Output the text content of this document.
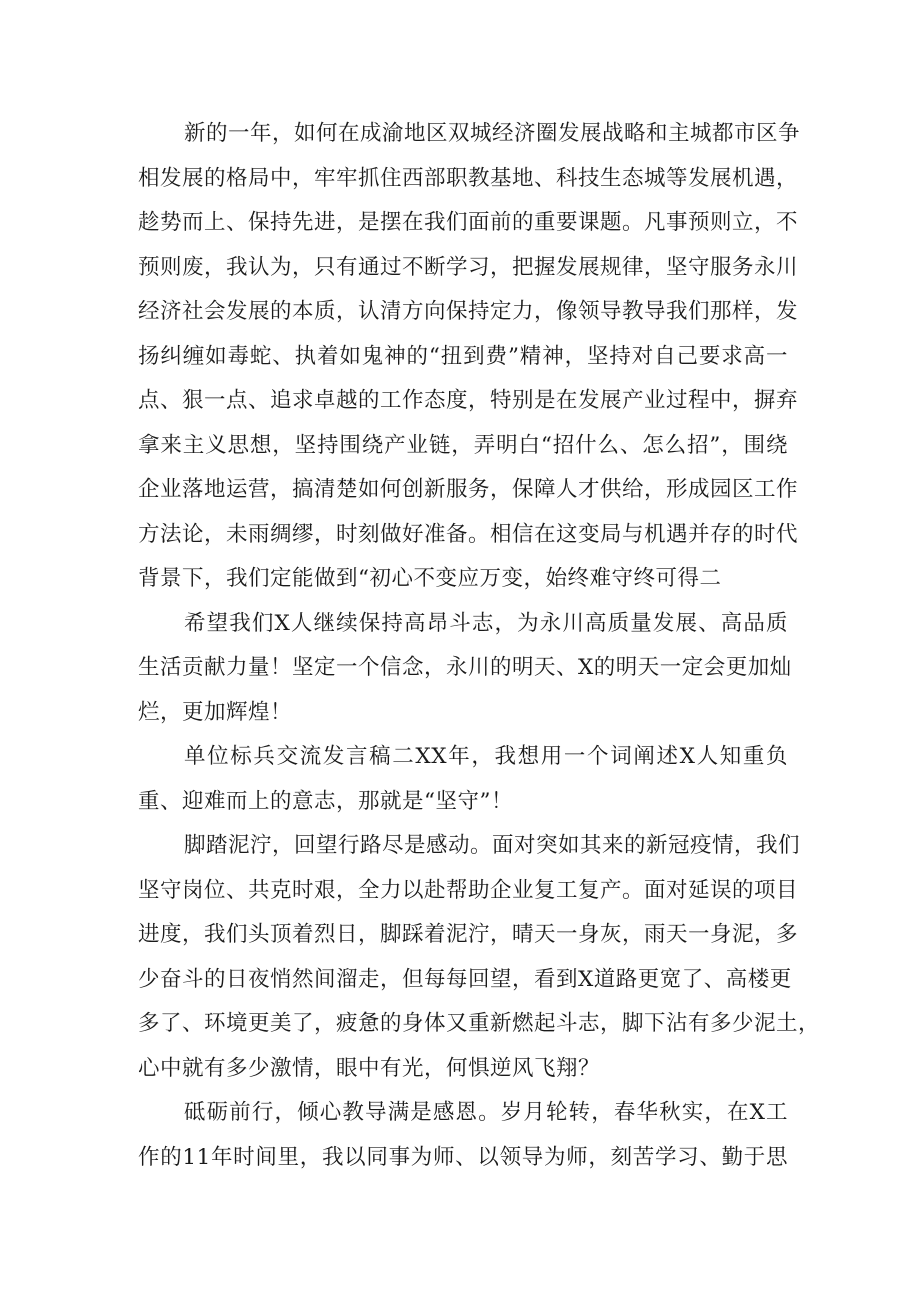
新的一年，如何在成渝地区双城经济圈发展战略和主城都市区争
相发展的格局中，牢牢抓住西部职教基地、科技生态城等发展机遇，
趁势而上、保持先进，是摆在我们面前的重要课题。凡事预则立，不
预则废，我认为，只有通过不断学习，把握发展规律，坚守服务永川
经济社会发展的本质，认清方向保持定力，像领导教导我们那样，发
扬纠缠如毒蛇、执着如鬼神的“扭到费”精神，坚持对自己要求高一
点、狠一点、追求卓越的工作态度，特别是在发展产业过程中，摒弃
拿来主义思想，坚持围绕产业链，弄明白“招什么、怎么招”，围绕
企业落地运营，搞清楚如何创新服务，保障人才供给，形成园区工作
方法论，未雨绸缪，时刻做好准备。相信在这变局与机遇并存的时代
背景下，我们定能做到“初心不变应万变，始终难守终可得二
希望我们X人继续保持高昂斗志，为永川高质量发展、高品质
生活贡献力量！坚定一个信念，永川的明天、X的明天一定会更加灿
烂，更加辉煌！
单位标兵交流发言稿二XX年，我想用一个词阐述X人知重负
重、迎难而上的意志，那就是“坚守”！
脚踏泥泞，回望行路尽是感动。面对突如其来的新冠疫情，我们
坚守岗位、共克时艰，全力以赴帮助企业复工复产。面对延误的项目
进度，我们头顶着烈日，脚踩着泥泞，晴天一身灰，雨天一身泥，多
少奋斗的日夜悄然间溜走，但每每回望，看到X道路更宽了、高楼更
多了、环境更美了，疲惫的身体又重新燃起斗志，脚下沾有多少泥土，
心中就有多少激情，眼中有光，何惧逆风飞翔？
砥砺前行，倾心教导满是感恩。岁月轮转，春华秋实，在X工
作的11年时间里，我以同事为师、以领导为师，刻苦学习、勤于思
